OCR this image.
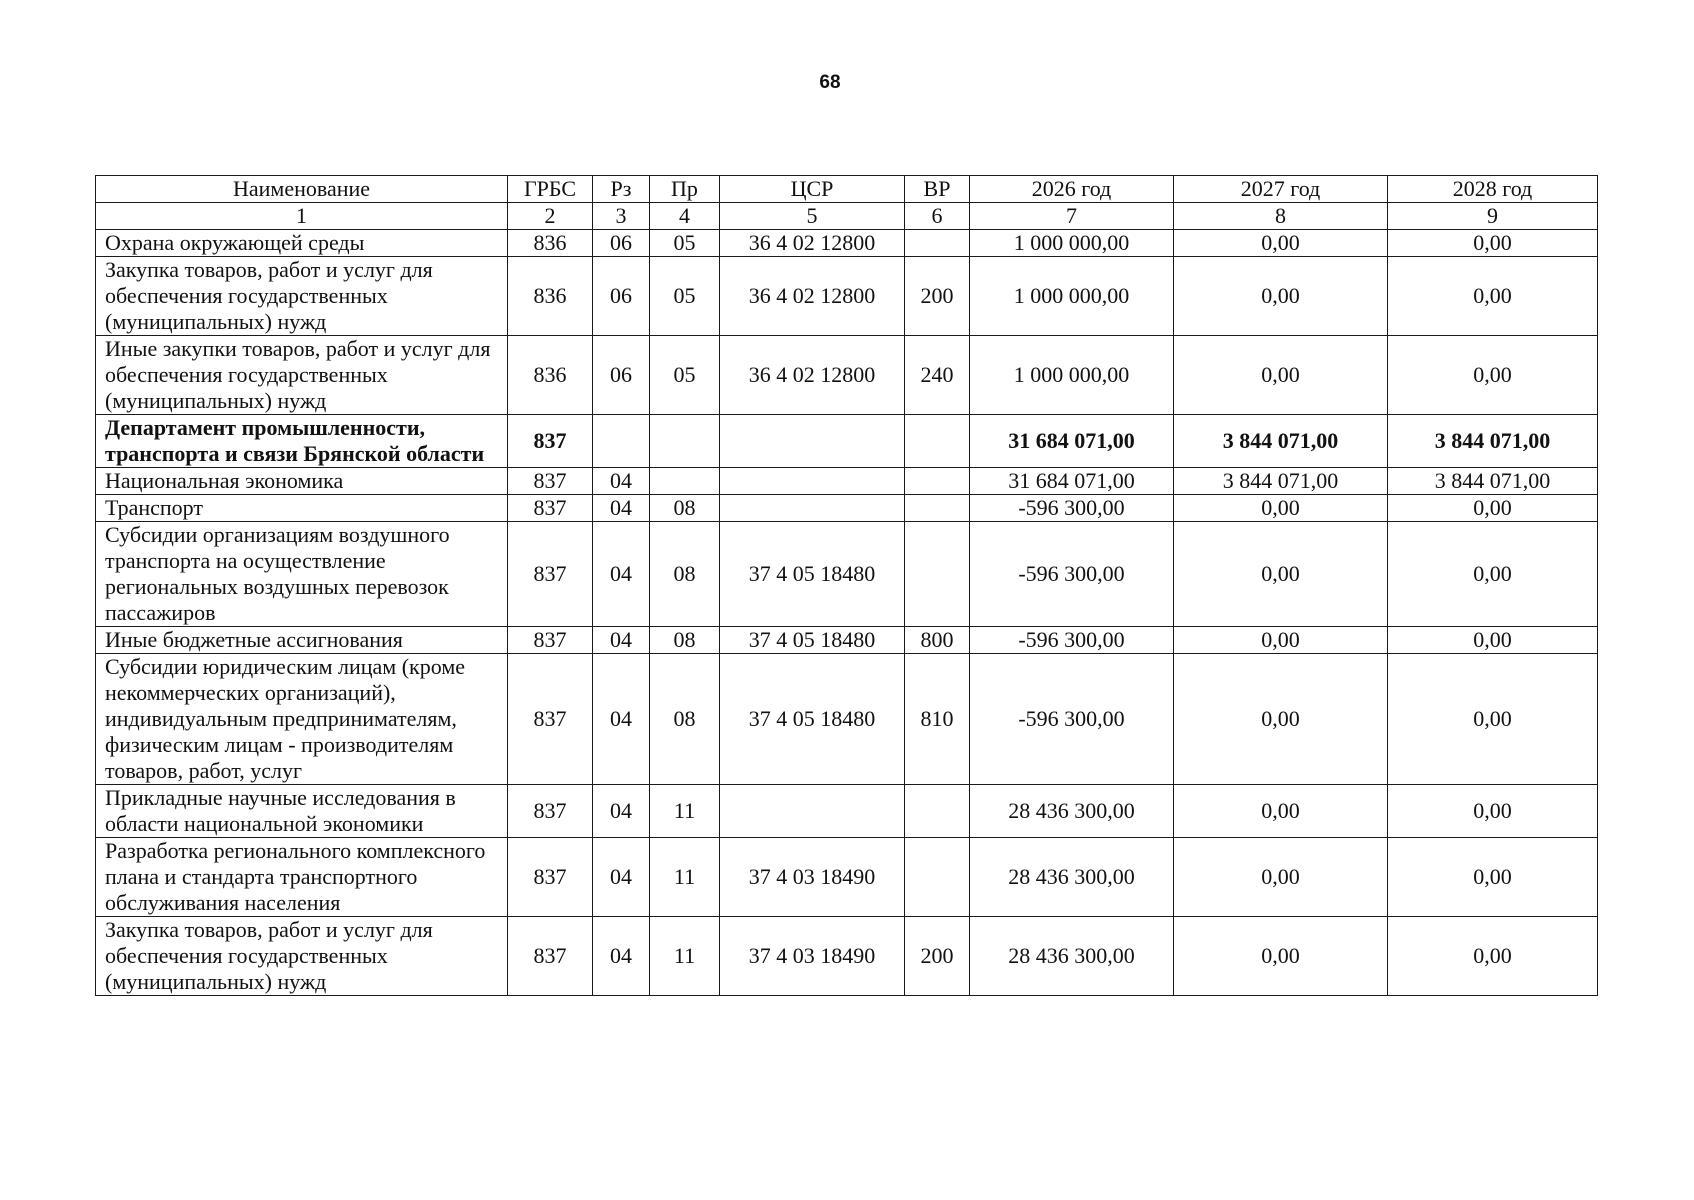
68
Наименование	ГРБС	Рз	Пр	ЦСР	ВР	2026 год	2027 год	2028 год
1	2	3	4	5	6	7	8	9
Охрана окружающей среды	836	06	05	36 4 02 12800		1 000 000,00	0,00	0,00
Закупка товаров, работ и услуг для обеспечения государственных (муниципальных) нужд	836	06	05	36 4 02 12800	200	1 000 000,00	0,00	0,00
Иные закупки товаров, работ и услуг для обеспечения государственных (муниципальных) нужд	836	06	05	36 4 02 12800	240	1 000 000,00	0,00	0,00
Департамент промышленности, транспорта и связи Брянской области	837					31 684 071,00	3 844 071,00	3 844 071,00
Национальная экономика	837	04				31 684 071,00	3 844 071,00	3 844 071,00
Транспорт	837	04	08			-596 300,00	0,00	0,00
Субсидии организациям воздушного транспорта на осуществление региональных воздушных перевозок пассажиров	837	04	08	37 4 05 18480		-596 300,00	0,00	0,00
Иные бюджетные ассигнования	837	04	08	37 4 05 18480	800	-596 300,00	0,00	0,00
Субсидии юридическим лицам (кроме некоммерческих организаций), индивидуальным предпринимателям, физическим лицам - производителям товаров, работ, услуг	837	04	08	37 4 05 18480	810	-596 300,00	0,00	0,00
Прикладные научные исследования в области национальной экономики	837	04	11			28 436 300,00	0,00	0,00
Разработка регионального комплексного плана и стандарта транспортного обслуживания населения	837	04	11	37 4 03 18490		28 436 300,00	0,00	0,00
Закупка товаров, работ и услуг для обеспечения государственных (муниципальных) нужд	837	04	11	37 4 03 18490	200	28 436 300,00	0,00	0,00
